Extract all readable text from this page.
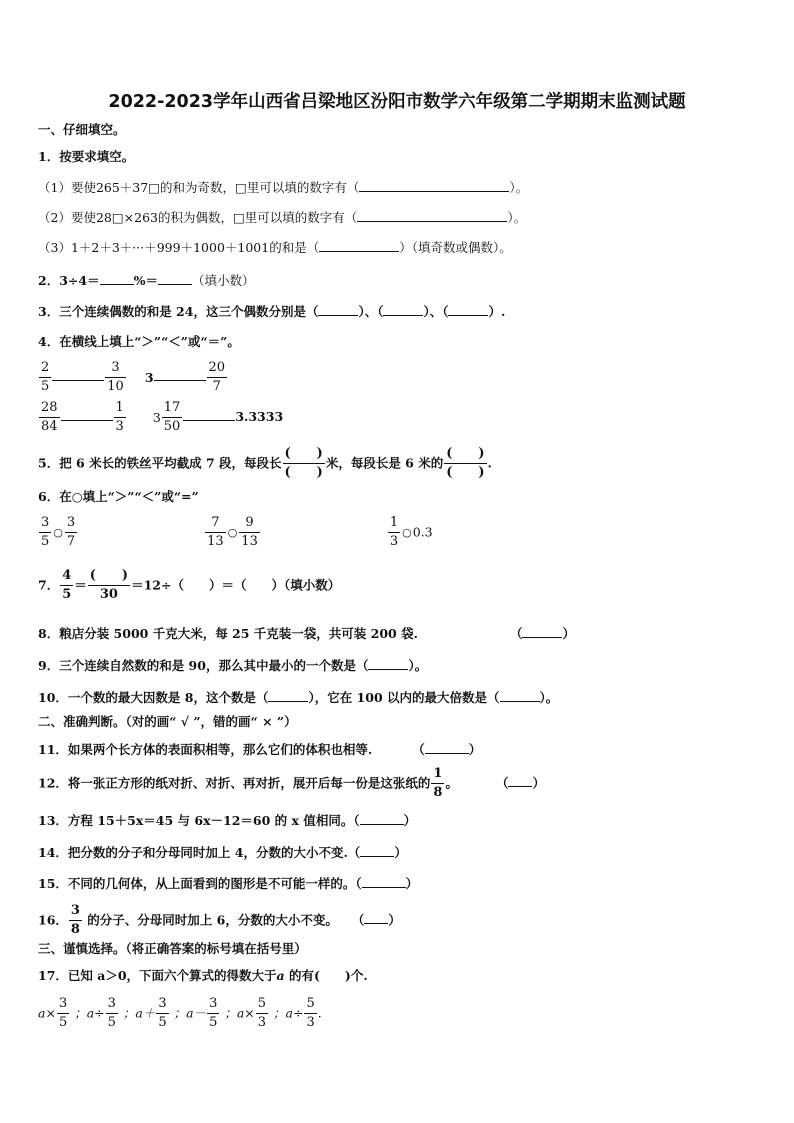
2022-2023学年山西省吕梁地区汾阳市数学六年级第二学期期末监测试题
一、仔细填空。
1．按要求填空。
（1）要使265＋37□的和为奇数，□里可以填的数字有（	）。
（2）要使28□×263的积为偶数，□里可以填的数字有（	）。
（3）1＋2＋3＋···＋999＋1000＋1001的和是（	）（填奇数或偶数）。
2．3÷4＝	%＝	（填小数）
3．三个连续偶数的和是 24，这三个偶数分别是（	）、（	）、（	）.
4．在横线上填上“＞”“＜”或“＝”。
$\frac{2}{5}$	$\frac{3}{10} 3$	$\frac{20}{7}$
$\frac{28}{84}$	$\frac{1}{3} 3 \frac{17}{50}$	3.3333
5．把 6 米长的铁丝平均截成 7 段，每段长 $\frac{( )}{( )}$ 米，每段长是 6 米的 $\frac{( )}{( )}$ .
6．在○填上“＞”“＜”或“=”
$\frac{3}{5}$ ○ $\frac{3}{7}$
	$\frac{7}{13}$ ○ $\frac{9}{13}$
	$\frac{1}{3}$ ○0.3
7． $\frac{4}{5} = \frac{( )}{30} =12\div$（　　）＝（　　）（填小数）
8．粮店分装 5000 千克大米，每 25 千克装一袋，共可装 200 袋.	（	）
9．三个连续自然数的和是 90，那么其中最小的一个数是（	）。
10．一个数的最大因数是 8，这个数是（	），它在 100 以内的最大倍数是（	）。
二、准确判断。（对的画“ √ ”，错的画“ × ”）
11．如果两个长方体的表面积相等，那么它们的体积也相等.	（	）
12．将一张正方形的纸对折、对折、再对折，展开后每一份是这张纸的 $\frac{1}{8}$ 。	（ ）
13．方程 15＋5x＝45 与 6x－12＝60 的 x 值相同。（	）
14．把分数的分子和分母同时加上 4，分数的大小不变.（	）
15．不同的几何体，从上面看到的图形是不可能一样的。（	）
16． $\frac{3}{8}$ 的分子、分母同时加上 6，分数的大小不变。 （ ）
三、谨慎选择。（将正确答案的标号填在括号里）
17．已知 a＞0，下面六个算式的得数大于a 的有(　　)个.
$a\times \frac{3}{5}$ ；$a\div \frac{3}{5}$ ；$a+ \frac{3}{5}$ ；$a- \frac{3}{5}$ ；$a\times \frac{5}{3}$ ；$a\div \frac{5}{3}$ .
